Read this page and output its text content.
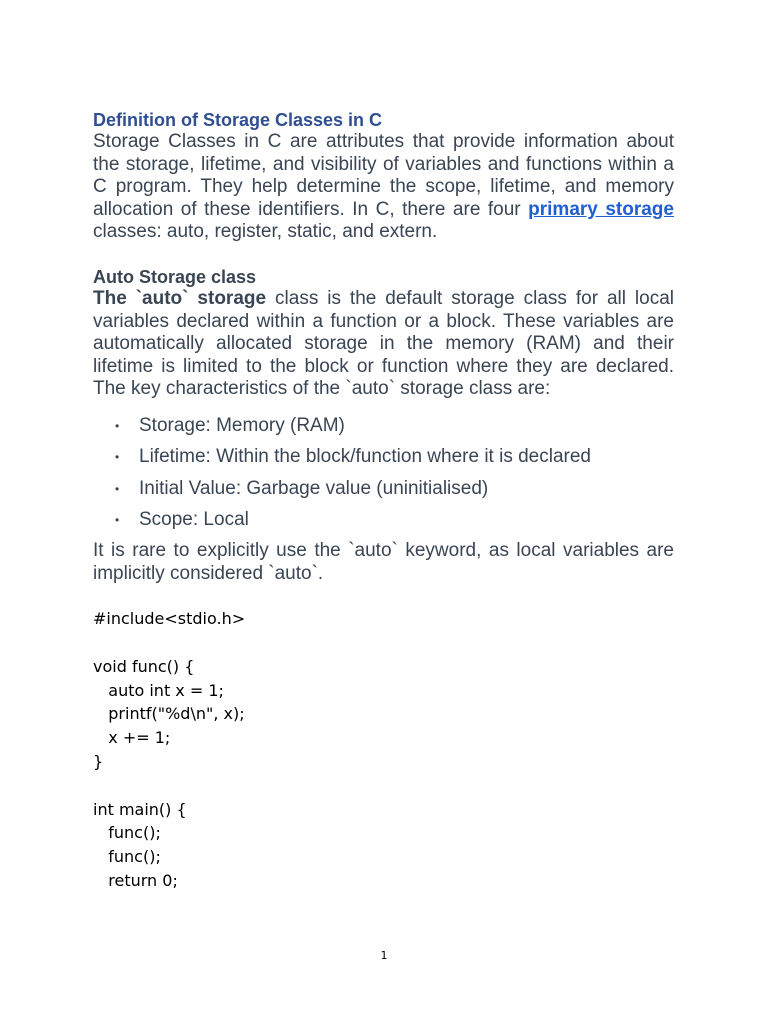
Definition of Storage Classes in C

Storage Classes in C are attributes that provide information about the storage, lifetime, and visibility of variables and functions within a C program. They help determine the scope, lifetime, and memory allocation of these identifiers. In C, there are four primary storage classes: auto, register, static, and extern.

Auto Storage class

The `auto` storage class is the default storage class for all local variables declared within a function or a block. These variables are automatically allocated storage in the memory (RAM) and their lifetime is limited to the block or function where they are declared. The key characteristics of the `auto` storage class are:

• Storage: Memory (RAM)
• Lifetime: Within the block/function where it is declared
• Initial Value: Garbage value (uninitialised)
• Scope: Local

It is rare to explicitly use the `auto` keyword, as local variables are implicitly considered `auto`.

#include<stdio.h>
void func() {
auto int x = 1;
printf("%d\n", x);
x += 1;
}
int main() {
func();
func();
return 0;
1
